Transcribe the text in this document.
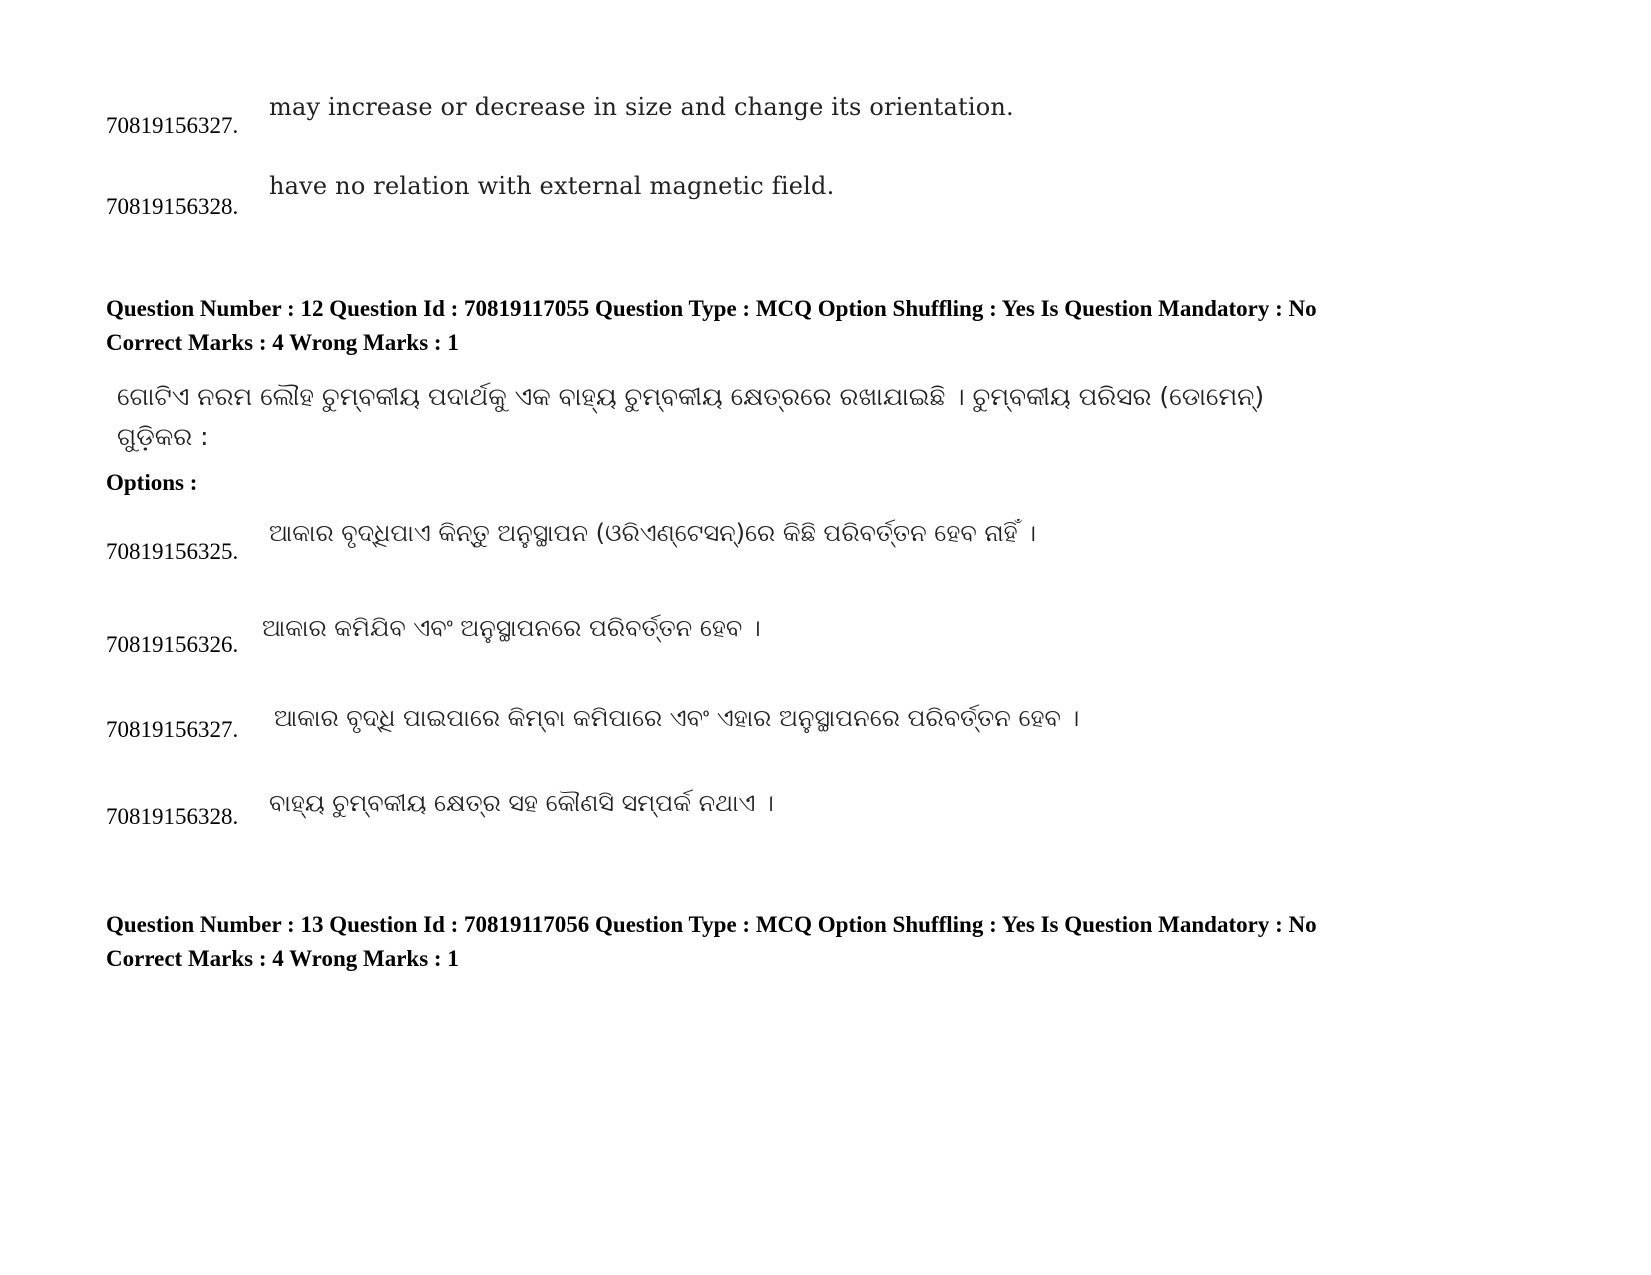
70819156327.
may increase or decrease in size and change its orientation.
70819156328.
have no relation with external magnetic field.
Question Number : 12 Question Id : 70819117055 Question Type : MCQ Option Shuffling : Yes Is Question Mandatory : No
Correct Marks : 4 Wrong Marks : 1
ଗୋଟିଏ ନରମ ଲୌହ ଚୁମ୍ବକୀୟ ପଦାର୍ଥକୁ ଏକ ବାହ୍ୟ ଚୁମ୍ବକୀୟ କ୍ଷେତ୍ରରେ ରଖାଯାଇଛି । ଚୁମ୍ବକୀୟ ପରିସର (ଡୋମେନ୍)
ଗୁଡ଼ିକର :
Options :
70819156325.
ଆକାର ବୃଦ୍ଧିପାଏ କିନ୍ତୁ ଅନୁସ୍ଥାପନ (ଓରିଏଣ୍ଟେସନ୍)ରେ କିଛି ପରିବର୍ତ୍ତନ ହେବ ନାହିଁ ।
70819156326.
ଆକାର କମିଯିବ ଏବଂ ଅନୁସ୍ଥାପନରେ ପରିବର୍ତ୍ତନ ହେବ ।
70819156327. ଆକାର ବୃଦ୍ଧି ପାଇପାରେ କିମ୍ବା କମିପାରେ ଏବଂ ଏହାର ଅନୁସ୍ଥାପନରେ ପରିବର୍ତ୍ତନ ହେବ ।
70819156328. ବାହ୍ୟ ଚୁମ୍ବକୀୟ କ୍ଷେତ୍ର ସହ କୌଣସି ସମ୍ପର୍କ ନଥାଏ ।
Question Number : 13 Question Id : 70819117056 Question Type : MCQ Option Shuffling : Yes Is Question Mandatory : No
Correct Marks : 4 Wrong Marks : 1
